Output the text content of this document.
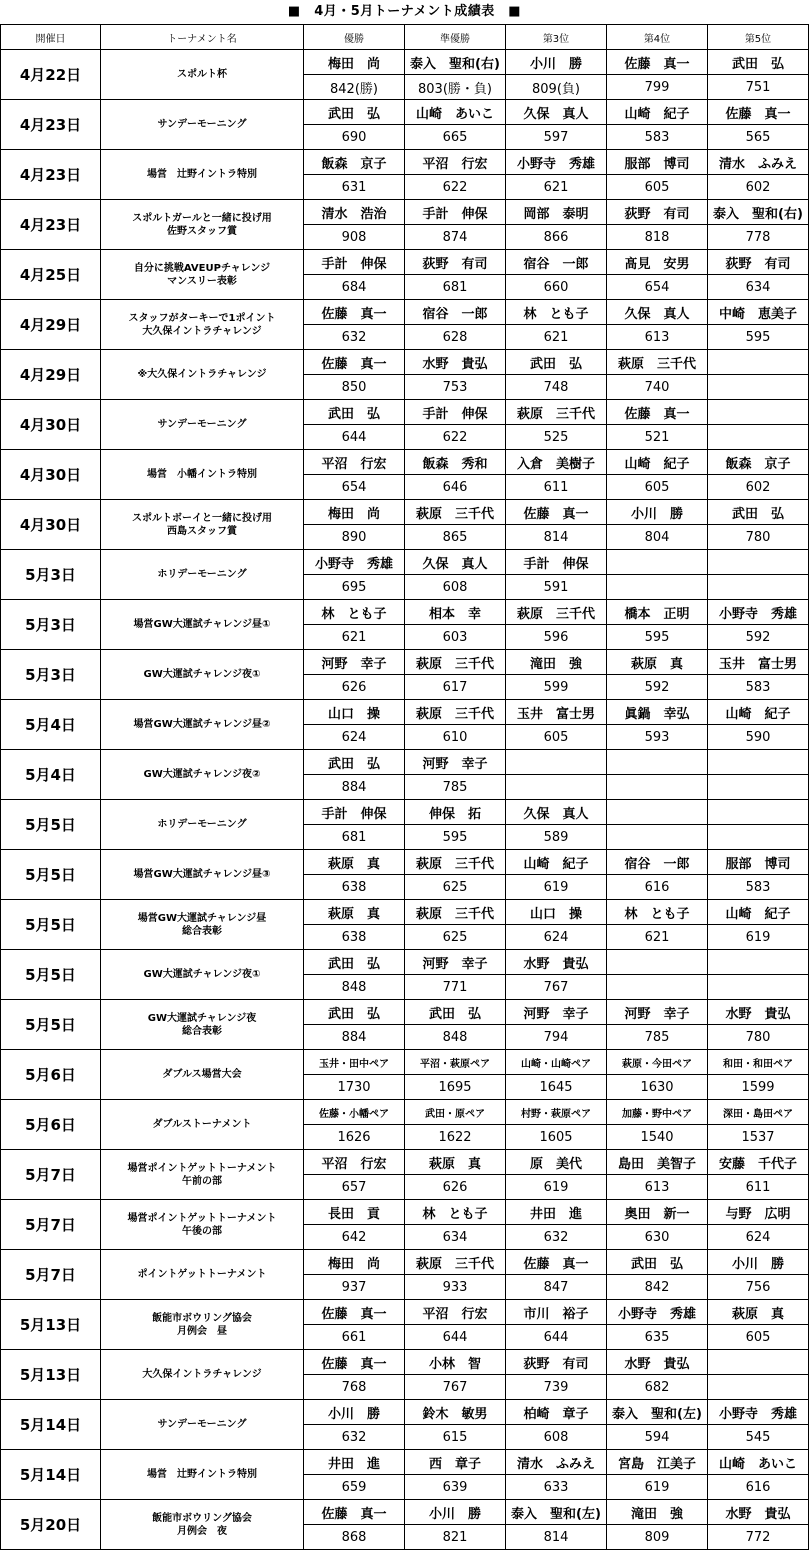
■　4月・5月トーナメント成績表　■
開催日	トーナメント名	優勝	準優勝	第3位	第4位	第5位
4月22日	スポルト杯	梅田　尚	泰入　聖和(右)	小川　勝	佐藤　真一	武田　弘
		842(勝)	803(勝・負)	809(負)	799	751
4月23日	サンデーモーニング	武田　弘	山崎　あいこ	久保　真人	山崎　紀子	佐藤　真一
		690	665	597	583	565
4月23日	場営　辻野イントラ特別	飯森　京子	平沼　行宏	小野寺　秀雄	服部　博司	清水　ふみえ
		631	622	621	605	602
4月23日	スポルトガールと一緒に投げ用
佐野スタッフ賞	清水　浩治	手計　伸保	岡部　泰明	荻野　有司	泰入　聖和(右)
		908	874	866	818	778
4月25日	自分に挑戦AVEUPチャレンジ
マンスリー表彰	手計　伸保	荻野　有司	宿谷　一郎	髙見　安男	荻野　有司
		684	681	660	654	634
4月29日	スタッフがターキーで1ポイント
大久保イントラチャレンジ	佐藤　真一	宿谷　一郎	林　とも子	久保　真人	中崎　恵美子
		632	628	621	613	595
4月29日	※大久保イントラチャレンジ	佐藤　真一	水野　貴弘	武田　弘	萩原　三千代	
		850	753	748	740	
4月30日	サンデーモーニング	武田　弘	手計　伸保	萩原　三千代	佐藤　真一	
		644	622	525	521	
4月30日	場営　小幡イントラ特別	平沼　行宏	飯森　秀和	入倉　美樹子	山崎　紀子	飯森　京子
		654	646	611	605	602
4月30日	スポルトボーイと一緒に投げ用
西島スタッフ賞	梅田　尚	萩原　三千代	佐藤　真一	小川　勝	武田　弘
		890	865	814	804	780
5月3日	ホリデーモーニング	小野寺　秀雄	久保　真人	手計　伸保		
		695	608	591		
5月3日	場営GW大運試チャレンジ昼①	林　とも子	相本　幸	萩原　三千代	橋本　正明	小野寺　秀雄
		621	603	596	595	592
5月3日	GW大運試チャレンジ夜①	河野　幸子	萩原　三千代	滝田　強	萩原　真	玉井　富士男
		626	617	599	592	583
5月4日	場営GW大運試チャレンジ昼②	山口　操	萩原　三千代	玉井　富士男	眞鍋　幸弘	山崎　紀子
		624	610	605	593	590
5月4日	GW大運試チャレンジ夜②	武田　弘	河野　幸子			
		884	785			
5月5日	ホリデーモーニング	手計　伸保	伸保　拓	久保　真人		
		681	595	589		
5月5日	場営GW大運試チャレンジ昼③	萩原　真	萩原　三千代	山崎　紀子	宿谷　一郎	服部　博司
		638	625	619	616	583
5月5日	場営GW大運試チャレンジ昼
総合表彰	萩原　真	萩原　三千代	山口　操	林　とも子	山崎　紀子
		638	625	624	621	619
5月5日	GW大運試チャレンジ夜①	武田　弘	河野　幸子	水野　貴弘		
		848	771	767		
5月5日	GW大運試チャレンジ夜
総合表彰	武田　弘	武田　弘	河野　幸子	河野　幸子	水野　貴弘
		884	848	794	785	780
5月6日	ダブルス場営大会	玉井・田中ペア	平沼・萩原ペア	山崎・山崎ペア	萩原・今田ペア	和田・和田ペア
		1730	1695	1645	1630	1599
5月6日	ダブルストーナメント	佐藤・小幡ペア	武田・原ペア	村野・萩原ペア	加藤・野中ペア	深田・島田ペア
		1626	1622	1605	1540	1537
5月7日	場営ポイントゲットトーナメント
午前の部	平沼　行宏	萩原　真	原　美代	島田　美智子	安藤　千代子
		657	626	619	613	611
5月7日	場営ポイントゲットトーナメント
午後の部	長田　貢	林　とも子	井田　進	奥田　新一	与野　広明
		642	634	632	630	624
5月7日	ポイントゲットトーナメント	梅田　尚	萩原　三千代	佐藤　真一	武田　弘	小川　勝
		937	933	847	842	756
5月13日	飯能市ボウリング協会
月例会　昼	佐藤　真一	平沼　行宏	市川　裕子	小野寺　秀雄	萩原　真
		661	644	644	635	605
5月13日	大久保イントラチャレンジ	佐藤　真一	小林　智	荻野　有司	水野　貴弘	
		768	767	739	682	
5月14日	サンデーモーニング	小川　勝	鈴木　敏男	柏崎　章子	泰入　聖和(左)	小野寺　秀雄
		632	615	608	594	545
5月14日	場営　辻野イントラ特別	井田　進	西　章子	清水　ふみえ	宮島　江美子	山崎　あいこ
		659	639	633	619	616
5月20日	飯能市ボウリング協会
月例会　夜	佐藤　真一	小川　勝	泰入　聖和(左)	滝田　強	水野　貴弘
		868	821	814	809	772
